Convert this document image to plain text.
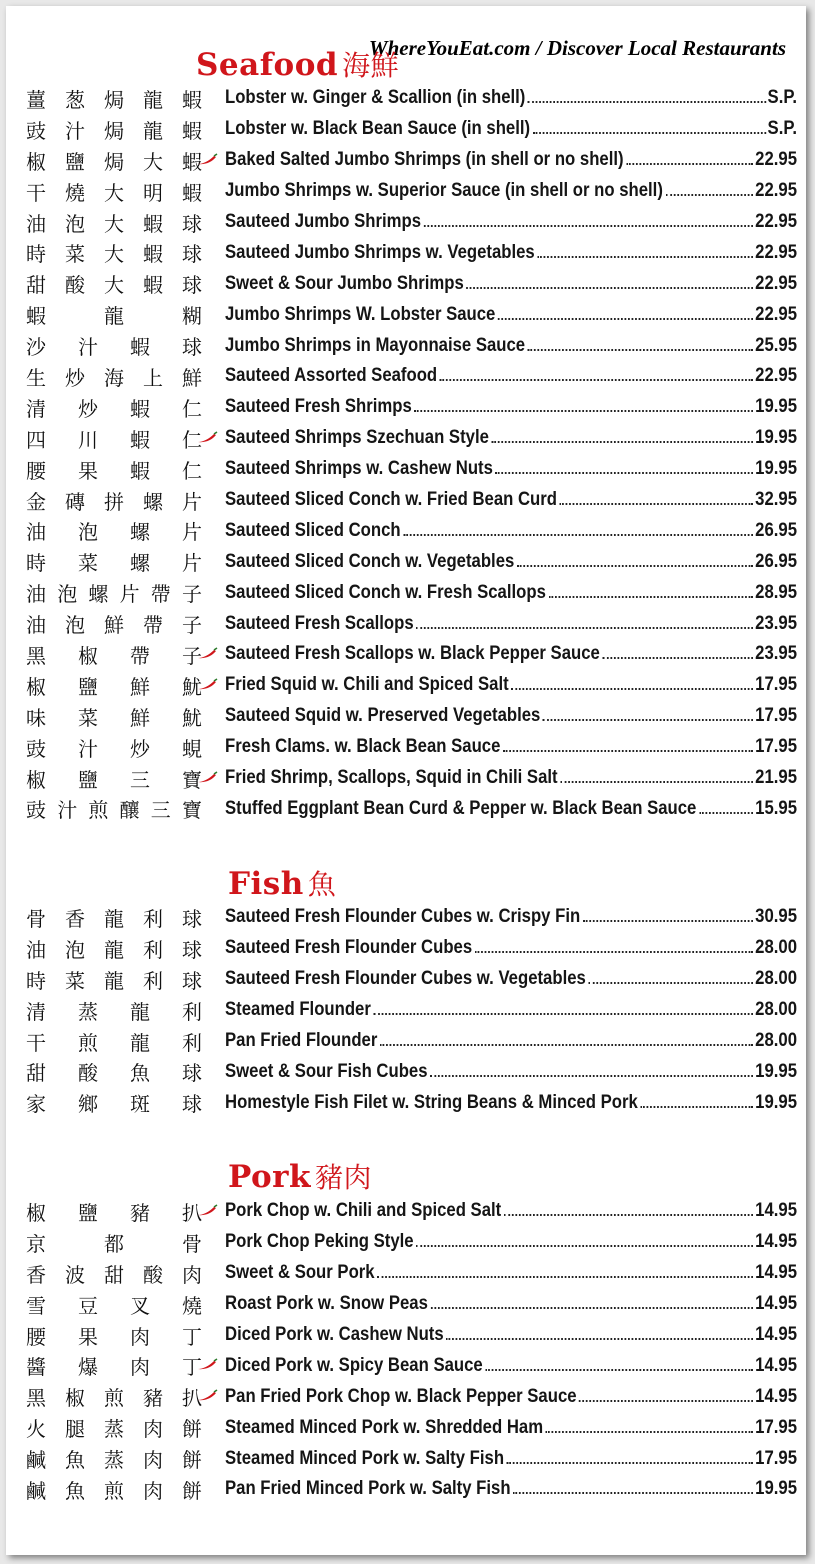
WhereYouEat.com / Discover Local Restaurants
Seafood 海鮮
薑 葱 焗 龍 蝦 Lobster w. Ginger & Scallion (in shell)	S.P.
豉 汁 焗 龍 蝦 Lobster w. Black Bean Sauce (in shell)	S.P.
椒 鹽 焗 大 蝦 Baked Salted Jumbo Shrimps (in shell or no shell)	22.95
干 燒 大 明 蝦 Jumbo Shrimps w. Superior Sauce (in shell or no shell)	22.95
油 泡 大 蝦 球 Sauteed Jumbo Shrimps	22.95
時 菜 大 蝦 球 Sauteed Jumbo Shrimps w. Vegetables	22.95
甜 酸 大 蝦 球 Sweet & Sour Jumbo Shrimps	22.95
蝦	龍	糊 Jumbo Shrimps W. Lobster Sauce	22.95
沙 汁 蝦 球 Jumbo Shrimps in Mayonnaise Sauce	25.95
生 炒 海 上 鮮 Sauteed Assorted Seafood	22.95
清 炒 蝦 仁 Sauteed Fresh Shrimps	19.95
四 川 蝦 仁 Sauteed Shrimps Szechuan Style	19.95
腰 果 蝦 仁 Sauteed Shrimps w. Cashew Nuts	19.95
金 磚 拼 螺 片 Sauteed Sliced Conch w. Fried Bean Curd	32.95
油 泡 螺 片 Sauteed Sliced Conch	26.95
時 菜 螺 片 Sauteed Sliced Conch w. Vegetables	26.95
油 泡 螺 片 帶 子 Sauteed Sliced Conch w. Fresh Scallops	28.95
油 泡 鮮 帶 子 Sauteed Fresh Scallops	23.95
黑 椒 帶 子 Sauteed Fresh Scallops w. Black Pepper Sauce	23.95
椒 鹽 鮮 魷 Fried Squid w. Chili and Spiced Salt	17.95
味 菜 鮮 魷 Sauteed Squid w. Preserved Vegetables	17.95
豉 汁 炒 蜆 Fresh Clams. w. Black Bean Sauce	17.95
椒 鹽 三 寶 Fried Shrimp, Scallops, Squid in Chili Salt	21.95
豉 汁 煎 釀 三 寶 Stuffed Eggplant Bean Curd & Pepper w. Black Bean Sauce	15.95
Fish 魚
骨 香 龍 利 球 Sauteed Fresh Flounder Cubes w. Crispy Fin	30.95
油 泡 龍 利 球 Sauteed Fresh Flounder Cubes	28.00
時 菜 龍 利 球 Sauteed Fresh Flounder Cubes w. Vegetables	28.00
清 蒸 龍 利 Steamed Flounder	28.00
干 煎 龍 利 Pan Fried Flounder	28.00
甜 酸 魚 球 Sweet & Sour Fish Cubes	19.95
家 鄉 斑 球 Homestyle Fish Filet w. String Beans & Minced Pork	19.95
Pork 豬肉
椒 鹽 豬 扒 Pork Chop w. Chili and Spiced Salt	14.95
京	都	骨 Pork Chop Peking Style	14.95
香 波 甜 酸 肉 Sweet & Sour Pork	14.95
雪 豆 叉 燒 Roast Pork w. Snow Peas	14.95
腰 果 肉 丁 Diced Pork w. Cashew Nuts	14.95
醬 爆 肉 丁 Diced Pork w. Spicy Bean Sauce	14.95
黑 椒 煎 豬 扒 Pan Fried Pork Chop w. Black Pepper Sauce	14.95
火 腿 蒸 肉 餅 Steamed Minced Pork w. Shredded Ham	17.95
鹹 魚 蒸 肉 餅 Steamed Minced Pork w. Salty Fish	17.95
鹹 魚 煎 肉 餅 Pan Fried Minced Pork w. Salty Fish	19.95
